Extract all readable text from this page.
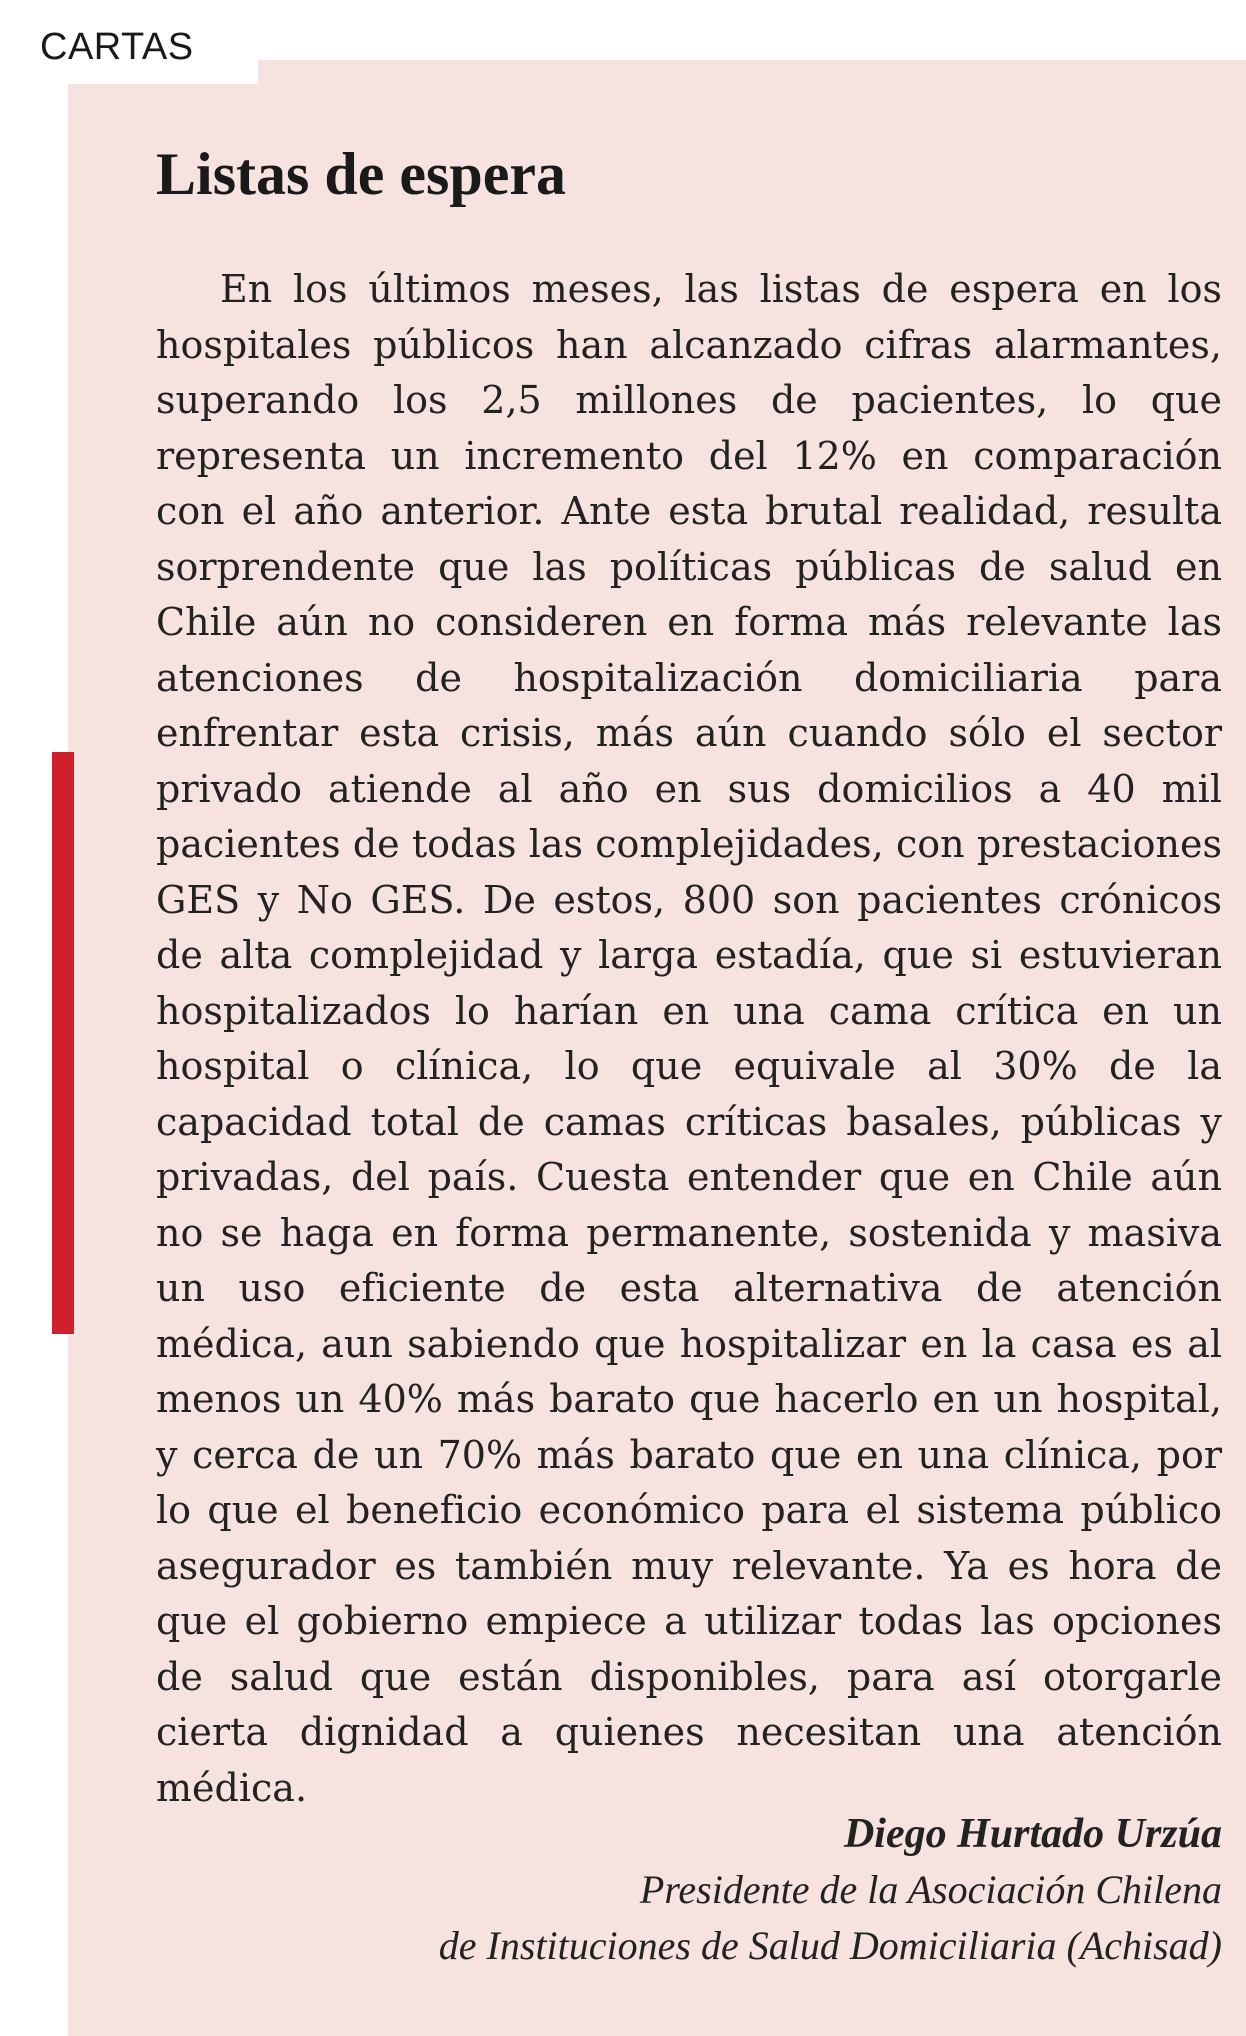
CARTAS
Listas de espera

En los últimos meses, las listas de espera en los hospitales públicos han alcanzado cifras alarmantes, superando los 2,5 millones de pacientes, lo que representa un incremento del 12% en comparación con el año anterior. Ante esta brutal realidad, resulta sorprendente que las políticas públicas de salud en Chile aún no consideren en forma más relevante las atenciones de hospitalización domiciliaria para enfrentar esta crisis, más aún cuando sólo el sector privado atiende al año en sus domicilios a 40 mil pacientes de todas las complejidades, con prestaciones GES y No GES. De estos, 800 son pacientes crónicos de alta complejidad y larga estadía, que si estuvieran hospitalizados lo harían en una cama crítica en un hospital o clínica, lo que equivale al 30% de la capacidad total de camas críticas basales, públicas y privadas, del país. Cuesta entender que en Chile aún no se haga en forma permanente, sostenida y masiva un uso eficiente de esta alternativa de atención médica, aun sabiendo que hospitalizar en la casa es al menos un 40% más barato que hacerlo en un hospital, y cerca de un 70% más barato que en una clínica, por lo que el beneficio económico para el sistema público asegurador es también muy relevante. Ya es hora de que el gobierno empiece a utilizar todas las opciones de salud que están disponibles, para así otorgarle cierta dignidad a quienes necesitan una atención médica.

Diego Hurtado Urzúa
Presidente de la Asociación Chilena
de Instituciones de Salud Domiciliaria (Achisad)
